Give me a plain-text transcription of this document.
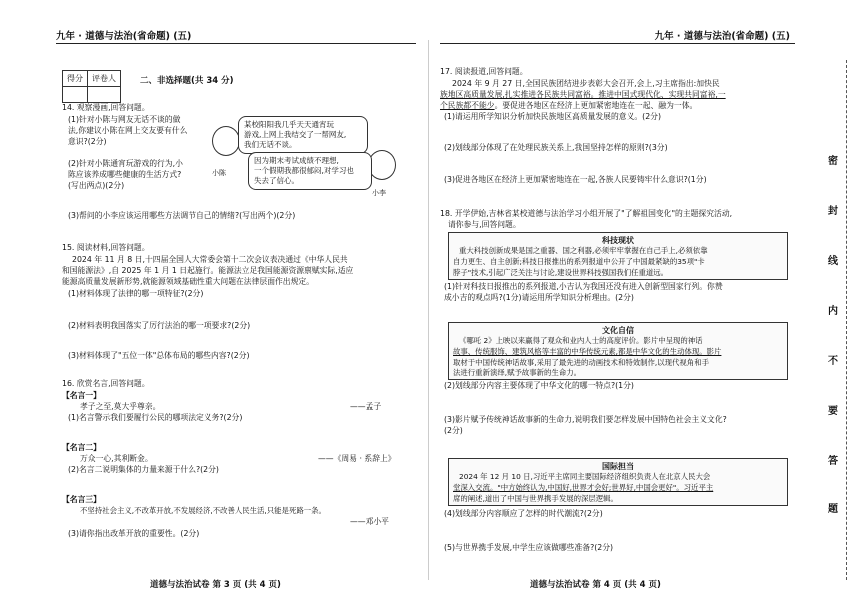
九年 · 道德与法治(省命题) (五)
得分	评卷人
		二、非选择题(共 34 分)
14. 观察漫画,回答问题。
(1)针对小陈与网友无话不谈的做
法,你建议小陈在网上交友要有什么
意识?(2分)
(2)针对小陈通宵玩游戏的行为,小
陈应该养成哪些健康的生活方式?
(写出两点)(2分)
小陈
某校阳阳我几乎天天通宵玩
游戏,上网上我结交了一帮网友,
我们无话不谈。
小李
因为期末考试成绩不理想,
一个假期我都很郁闷,对学习也
失去了信心。
(3)帮问的小李应该运用哪些方法调节自己的情绪?(写出两个)(2分)
15. 阅读材料,回答问题。
2024 年 11 月 8 日,十四届全国人大常委会第十二次会议表决通过《中华人民共
和国能源法》,自 2025 年 1 月 1 日起施行。能源法立足我国能源资源禀赋实际,适应
能源高质量发展新形势,就能源领域基础性重大问题在法律层面作出规定。
(1)材料体现了法律的哪一项特征?(2分)
(2)材料表明我国落实了厉行法治的哪一项要求?(2分)
(3)材料体现了"五位一体"总体布局的哪些内容?(2分)
16. 欣赏名言,回答问题。
【名言一】
孝子之至,莫大乎尊亲。	——孟子
(1)名言警示我们要履行公民的哪项法定义务?(2分)
【名言二】
万众一心,其利断金。	——《周易 · 系辞上》
(2)名言二说明集体的力量来源于什么?(2分)
【名言三】
不坚持社会主义,不改革开放,不发展经济,不改善人民生活,只能是死路一条。
——邓小平
(3)请你指出改革开放的重要性。(2分)
道德与法治试卷 第 3 页 (共 4 页)
九年 · 道德与法治(省命题) (五)
17. 阅读报道,回答问题。
2024 年 9 月 27 日,全国民族团结进步表彰大会召开,会上,习主席指出:加快民
族地区高质量发展,扎实推进各民族共同富裕。推进中国式现代化、实现共同富裕,一
个民族都不能少。要促进各地区在经济上更加紧密地连在一起、融为一体。
(1)请运用所学知识分析加快民族地区高质量发展的意义。(2分)
(2)划线部分体现了在处理民族关系上,我国坚持怎样的原则?(3分)
(3)促进各地区在经济上更加紧密地连在一起,各族人民要铸牢什么意识?(1分)
18. 开学伊始,吉林省某校道德与法治学习小组开展了"了解祖国变化"的主题探究活动,
请你参与,回答问题。
科技现状
重大科技创新成果是国之重器、国之利器,必须牢牢掌握在自己手上,必须依靠
自力更生、自主创新;科技日报推出的系列报道中公开了中国最紧缺的35项"卡
脖子"技术,引起广泛关注与讨论,建设世界科技强国我们任重道远。
(1)针对科技日报推出的系列报道,小吉认为我国还没有进入创新型国家行列。你赞
成小吉的观点吗?(1分)请运用所学知识分析理由。(2分)
文化自信
《哪吒 2》上映以来赢得了观众和业内人士的高度评价。影片中呈现的神话
故事、传统服饰、建筑风格等丰富的中华传统元素,都是中华文化的生动体现。影片
取材于中国传统神话故事,采用了最先进的动画技术和特效制作,以现代视角和手
法进行重新演绎,赋予故事新的生命力。
(2)划线部分内容主要体现了中华文化的哪一特点?(1分)
(3)影片赋予传统神话故事新的生命力,说明我们要怎样发展中国特色社会主义文化?
(2分)
国际担当
2024 年 12 月 10 日,习近平主席同主要国际经济组织负责人在北京人民大会
堂深入交流。"中方始终认为,中国好,世界才会好;世界好,中国会更好"。习近平主
席的阐述,道出了中国与世界携手发展的深层逻辑。
(4)划线部分内容顺应了怎样的时代潮流?(2分)
(5)与世界携手发展,中学生应该做哪些准备?(2分)
道德与法治试卷 第 4 页 (共 4 页)
密
封
线
内
不
要
答
题
